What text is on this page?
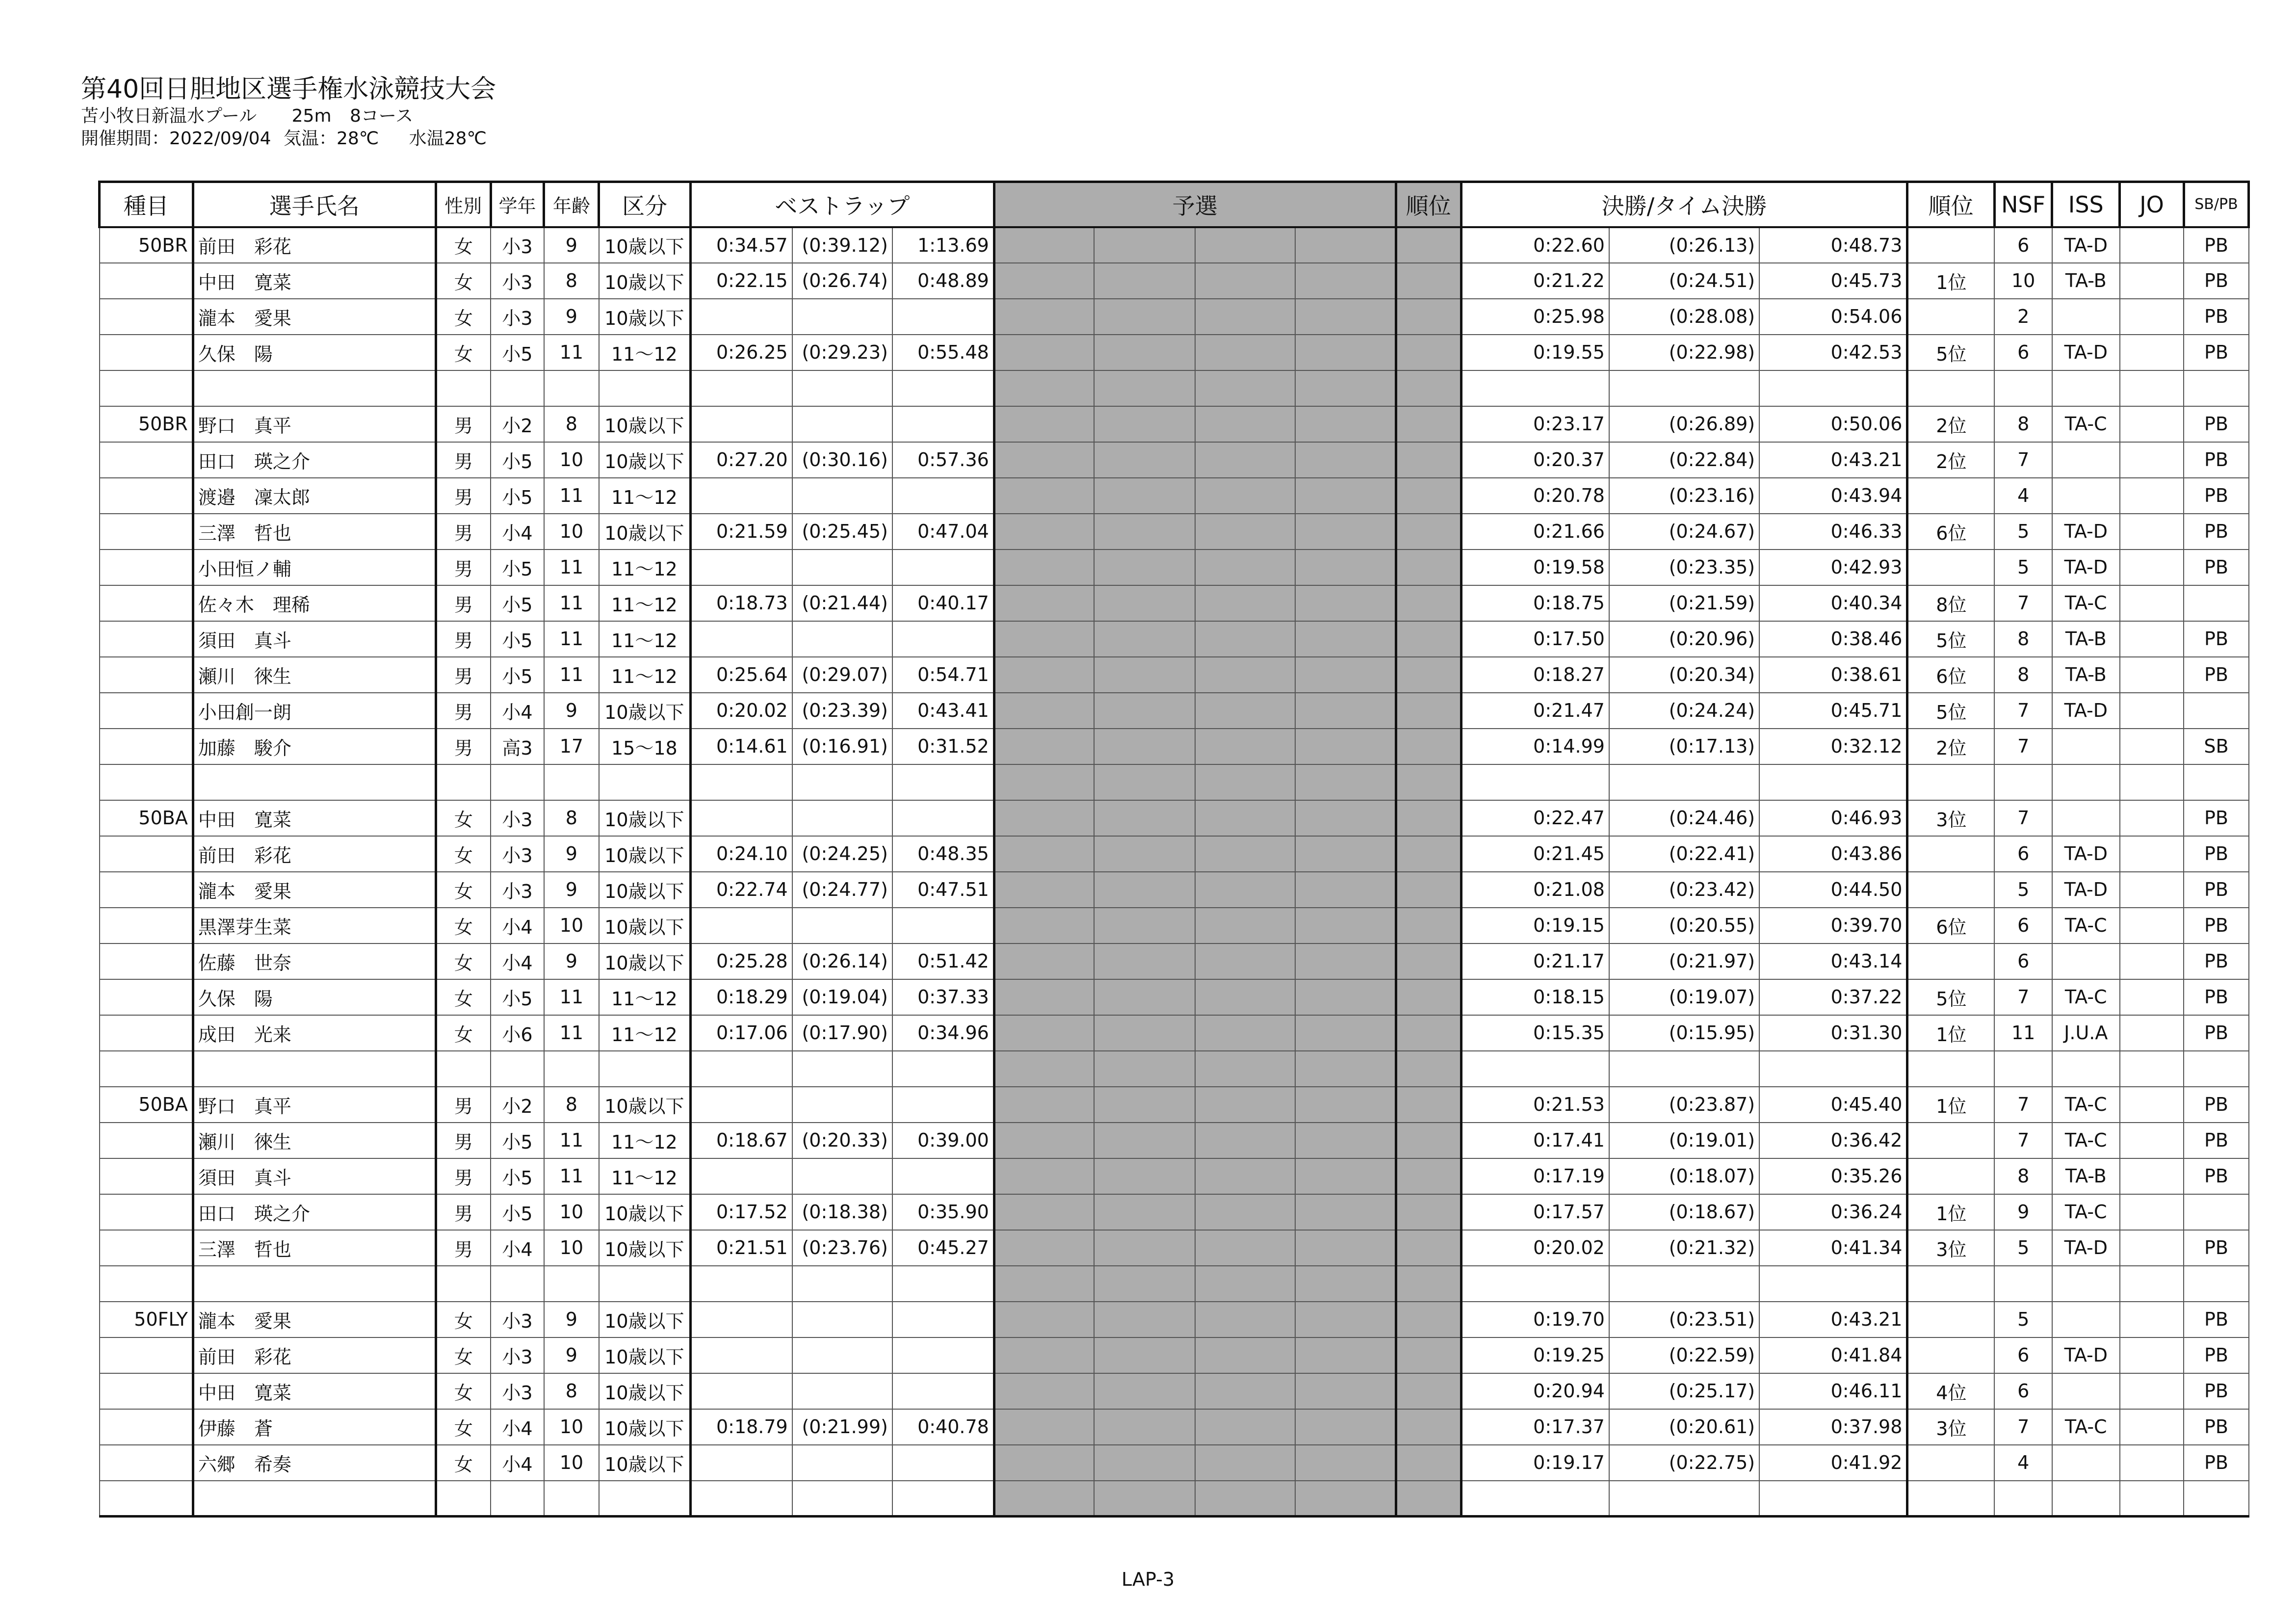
第40回日胆地区選手権水泳競技大会
苫小牧日新温水プール 25m 8コース
開催期間：2022/09/04 気温：28℃ 水温28℃
種目	選手氏名	性別	学年	年齢	区分	ベストラップ			予選				順位	決勝/タイム決勝			順位	NSF	ISS	JO	SB/PB
50BR	前田　彩花	女	小3	9	10歳以下	0:34.57	(0:39.12)	1:13.69						0:22.60	(0:26.13)	0:48.73		6	TA-D		PB
	中田　寛菜	女	小3	8	10歳以下	0:22.15	(0:26.74)	0:48.89						0:21.22	(0:24.51)	0:45.73	1位	10	TA-B		PB
	瀧本　愛果	女	小3	9	10歳以下									0:25.98	(0:28.08)	0:54.06		2			PB
	久保　陽	女	小5	11	11～12	0:26.25	(0:29.23)	0:55.48						0:19.55	(0:22.98)	0:42.53	5位	6	TA-D		PB

50BR	野口　真平	男	小2	8	10歳以下									0:23.17	(0:26.89)	0:50.06	2位	8	TA-C		PB
	田口　瑛之介	男	小5	10	10歳以下	0:27.20	(0:30.16)	0:57.36						0:20.37	(0:22.84)	0:43.21	2位	7			PB
	渡邉　凜太郎	男	小5	11	11～12									0:20.78	(0:23.16)	0:43.94		4			PB
	三澤　哲也	男	小4	10	10歳以下	0:21.59	(0:25.45)	0:47.04						0:21.66	(0:24.67)	0:46.33	6位	5	TA-D		PB
	小田恒ノ輔	男	小5	11	11～12									0:19.58	(0:23.35)	0:42.93		5	TA-D		PB
	佐々木　理稀	男	小5	11	11～12	0:18.73	(0:21.44)	0:40.17						0:18.75	(0:21.59)	0:40.34	8位	7	TA-C		
	須田　真斗	男	小5	11	11～12									0:17.50	(0:20.96)	0:38.46	5位	8	TA-B		PB
	瀬川　徠生	男	小5	11	11～12	0:25.64	(0:29.07)	0:54.71						0:18.27	(0:20.34)	0:38.61	6位	8	TA-B		PB
	小田創一朗	男	小4	9	10歳以下	0:20.02	(0:23.39)	0:43.41						0:21.47	(0:24.24)	0:45.71	5位	7	TA-D		
	加藤　駿介	男	高3	17	15～18	0:14.61	(0:16.91)	0:31.52						0:14.99	(0:17.13)	0:32.12	2位	7			SB

50BA	中田　寛菜	女	小3	8	10歳以下									0:22.47	(0:24.46)	0:46.93	3位	7			PB
	前田　彩花	女	小3	9	10歳以下	0:24.10	(0:24.25)	0:48.35						0:21.45	(0:22.41)	0:43.86		6	TA-D		PB
	瀧本　愛果	女	小3	9	10歳以下	0:22.74	(0:24.77)	0:47.51						0:21.08	(0:23.42)	0:44.50		5	TA-D		PB
	黒澤芽生菜	女	小4	10	10歳以下									0:19.15	(0:20.55)	0:39.70	6位	6	TA-C		PB
	佐藤　世奈	女	小4	9	10歳以下	0:25.28	(0:26.14)	0:51.42						0:21.17	(0:21.97)	0:43.14		6			PB
	久保　陽	女	小5	11	11～12	0:18.29	(0:19.04)	0:37.33						0:18.15	(0:19.07)	0:37.22	5位	7	TA-C		PB
	成田　光来	女	小6	11	11～12	0:17.06	(0:17.90)	0:34.96						0:15.35	(0:15.95)	0:31.30	1位	11	J.U.A		PB

50BA	野口　真平	男	小2	8	10歳以下									0:21.53	(0:23.87)	0:45.40	1位	7	TA-C		PB
	瀬川　徠生	男	小5	11	11～12	0:18.67	(0:20.33)	0:39.00						0:17.41	(0:19.01)	0:36.42		7	TA-C		PB
	須田　真斗	男	小5	11	11～12									0:17.19	(0:18.07)	0:35.26		8	TA-B		PB
	田口　瑛之介	男	小5	10	10歳以下	0:17.52	(0:18.38)	0:35.90						0:17.57	(0:18.67)	0:36.24	1位	9	TA-C		
	三澤　哲也	男	小4	10	10歳以下	0:21.51	(0:23.76)	0:45.27						0:20.02	(0:21.32)	0:41.34	3位	5	TA-D		PB

50FLY	瀧本　愛果	女	小3	9	10歳以下									0:19.70	(0:23.51)	0:43.21		5			PB
	前田　彩花	女	小3	9	10歳以下									0:19.25	(0:22.59)	0:41.84		6	TA-D		PB
	中田　寛菜	女	小3	8	10歳以下									0:20.94	(0:25.17)	0:46.11	4位	6			PB
	伊藤　蒼	女	小4	10	10歳以下	0:18.79	(0:21.99)	0:40.78						0:17.37	(0:20.61)	0:37.98	3位	7	TA-C		PB
	六郷　希奏	女	小4	10	10歳以下									0:19.17	(0:22.75)	0:41.92		4			PB

LAP-3
